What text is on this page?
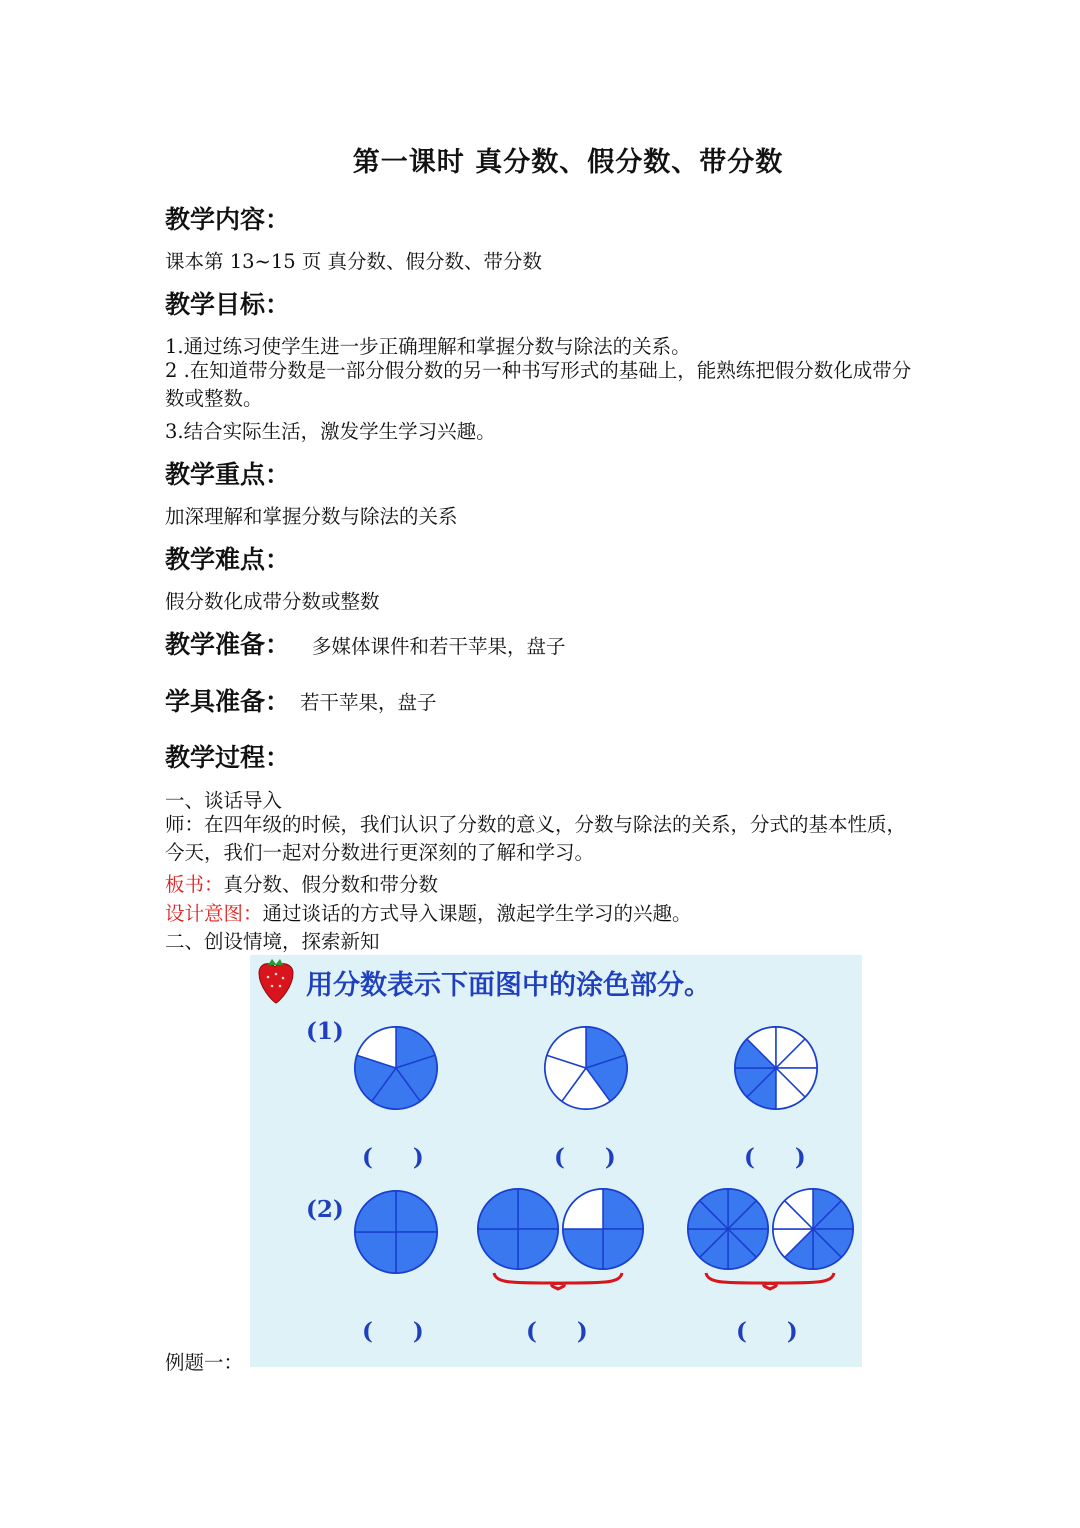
第一课时 真分数、假分数、带分数
教学内容：
课本第 13~15 页 真分数、假分数、带分数
教学目标：
1.通过练习使学生进一步正确理解和掌握分数与除法的关系。
2 .在知道带分数是一部分假分数的另一种书写形式的基础上，能熟练把假分数化成带分数或整数。
3.结合实际生活，激发学生学习兴趣。
教学重点：
加深理解和掌握分数与除法的关系
教学难点：
假分数化成带分数或整数
教学准备： 多媒体课件和若干苹果，盘子
学具准备： 若干苹果，盘子
教学过程：
一、谈话导入
师：在四年级的时候，我们认识了分数的意义，分数与除法的关系，分式的基本性质，今天，我们一起对分数进行更深刻的了解和学习。
板书：真分数、假分数和带分数
设计意图：通过谈话的方式导入课题，激起学生学习的兴趣。
二、创设情境，探索新知
例题一：
用分数表示下面图中的涂色部分。
(1)
(2)
(     )	(     )	(     )
(     )	(     )	(     )
